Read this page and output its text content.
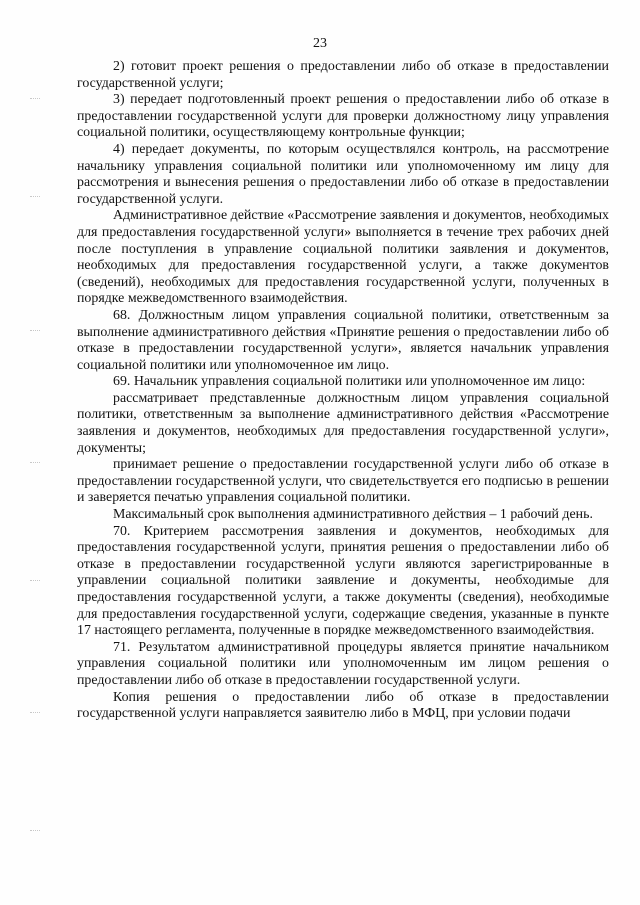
23

2) готовит проект решения о предоставлении либо об отказе в предоставлении государственной услуги;

3) передает подготовленный проект решения о предоставлении либо об отказе в предоставлении государственной услуги для проверки должностному лицу управления социальной политики, осуществляющему контрольные функции;

4) передает документы, по которым осуществлялся контроль, на рассмотрение начальнику управления социальной политики или уполномоченному им лицу для рассмотрения и вынесения решения о предоставлении либо об отказе в предоставлении государственной услуги.

Административное действие «Рассмотрение заявления и документов, необходимых для предоставления государственной услуги» выполняется в течение трех рабочих дней после поступления в управление социальной политики заявления и документов, необходимых для предоставления государственной услуги, а также документов (сведений), необходимых для предоставления государственной услуги, полученных в порядке межведомственного взаимодействия.

68. Должностным лицом управления социальной политики, ответственным за выполнение административного действия «Принятие решения о предоставлении либо об отказе в предоставлении государственной услуги», является начальник управления социальной политики или уполномоченное им лицо.

69. Начальник управления социальной политики или уполномоченное им лицо:

рассматривает представленные должностным лицом управления социальной политики, ответственным за выполнение административного действия «Рассмотрение заявления и документов, необходимых для предоставления государственной услуги», документы;

принимает решение о предоставлении государственной услуги либо об отказе в предоставлении государственной услуги, что свидетельствуется его подписью в решении и заверяется печатью управления социальной политики.

Максимальный срок выполнения административного действия – 1 рабочий день.

70. Критерием рассмотрения заявления и документов, необходимых для предоставления государственной услуги, принятия решения о предоставлении либо об отказе в предоставлении государственной услуги являются зарегистрированные в управлении социальной политики заявление и документы, необходимые для предоставления государственной услуги, а также документы (сведения), необходимые для предоставления государственной услуги, содержащие сведения, указанные в пункте 17 настоящего регламента, полученные в порядке межведомственного взаимодействия.

71. Результатом административной процедуры является принятие начальником управления социальной политики или уполномоченным им лицом решения о предоставлении либо об отказе в предоставлении государственной услуги.

Копия решения о предоставлении либо об отказе в предоставлении государственной услуги направляется заявителю либо в МФЦ, при условии подачи
